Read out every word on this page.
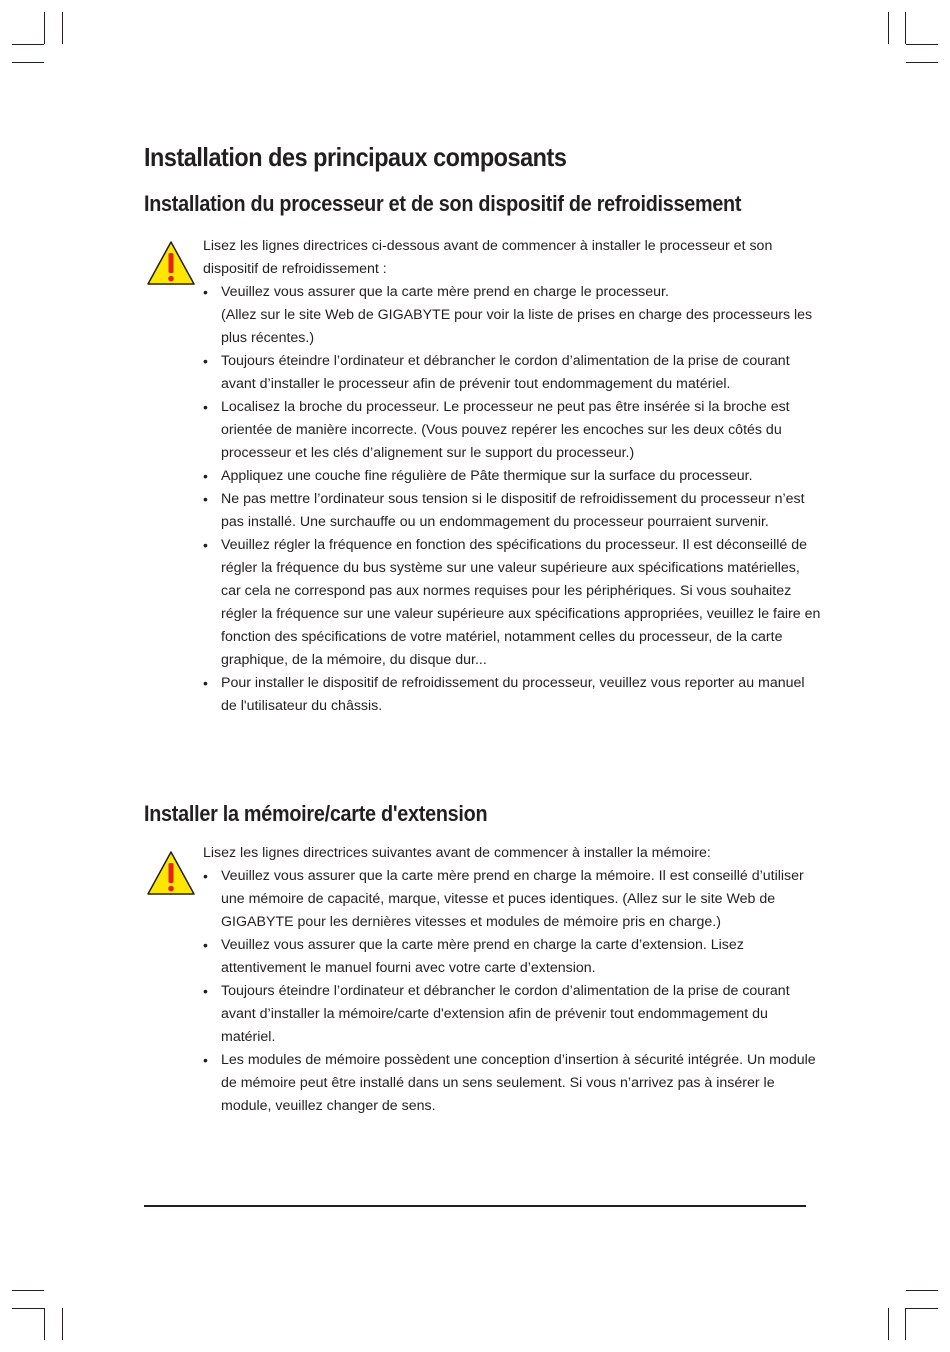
Installation des principaux composants
Installation du processeur et de son dispositif de refroidissement

Lisez les lignes directrices ci-dessous avant de commencer à installer le processeur et son dispositif de refroidissement :

• Veuillez vous assurer que la carte mère prend en charge le processeur.
(Allez sur le site Web de GIGABYTE pour voir la liste de prises en charge des processeurs les plus récentes.)
• Toujours éteindre l’ordinateur et débrancher le cordon d’alimentation de la prise de courant avant d’installer le processeur afin de prévenir tout endommagement du matériel.
• Localisez la broche du processeur. Le processeur ne peut pas être insérée si la broche est orientée de manière incorrecte. (Vous pouvez repérer les encoches sur les deux côtés du processeur et les clés d’alignement sur le support du processeur.)
• Appliquez une couche fine régulière de Pâte thermique sur la surface du processeur.
• Ne pas mettre l’ordinateur sous tension si le dispositif de refroidissement du processeur n’est pas installé. Une surchauffe ou un endommagement du processeur pourraient survenir.
• Veuillez régler la fréquence en fonction des spécifications du processeur. Il est déconseillé de régler la fréquence du bus système sur une valeur supérieure aux spécifications matérielles, car cela ne correspond pas aux normes requises pour les périphériques. Si vous souhaitez régler la fréquence sur une valeur supérieure aux spécifications appropriées, veuillez le faire en fonction des spécifications de votre matériel, notamment celles du processeur, de la carte graphique, de la mémoire, du disque dur...
• Pour installer le dispositif de refroidissement du processeur, veuillez vous reporter au manuel de l'utilisateur du châssis.
Installer la mémoire/carte d'extension

Lisez les lignes directrices suivantes avant de commencer à installer la mémoire:

• Veuillez vous assurer que la carte mère prend en charge la mémoire. Il est conseillé d’utiliser une mémoire de capacité, marque, vitesse et puces identiques. (Allez sur le site Web de GIGABYTE pour les dernières vitesses et modules de mémoire pris en charge.)
• Veuillez vous assurer que la carte mère prend en charge la carte d’extension. Lisez attentivement le manuel fourni avec votre carte d’extension.
• Toujours éteindre l’ordinateur et débrancher le cordon d’alimentation de la prise de courant avant d’installer la mémoire/carte d'extension afin de prévenir tout endommagement du matériel.
• Les modules de mémoire possèdent une conception d’insertion à sécurité intégrée. Un module de mémoire peut être installé dans un sens seulement. Si vous n’arrivez pas à insérer le module, veuillez changer de sens.
